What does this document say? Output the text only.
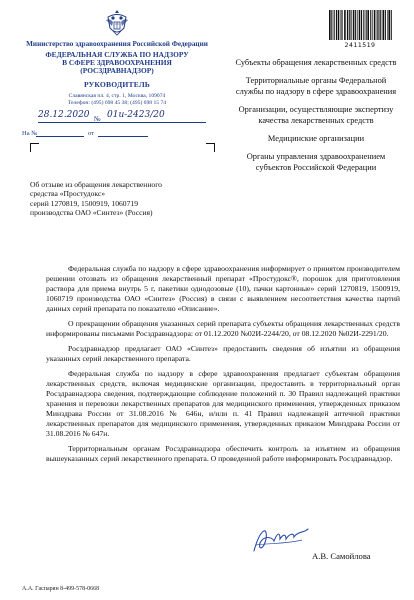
Министерство здравоохранения Российской Федерации
ФЕДЕРАЛЬНАЯ СЛУЖБА ПО НАДЗОРУ
В СФЕРЕ ЗДРАВООХРАНЕНИЯ
(РОСЗДРАВНАДЗОР)
РУКОВОДИТЕЛЬ
Славянская пл. 4, стр. 1, Москва, 109074
Телефон: (495) 698 45 38; (495) 698 15 74
28.12.2020 № 01и-2423/20
На №	от
2411519
Субъекты обращения лекарственных средств
Территориальные органы Федеральной службы по надзору в сфере здравоохранения
Организации, осуществляющие экспертизу качества лекарственных средств
Медицинские организации
Органы управления здравоохранением субъектов Российской Федерации
Об отзыве из обращения лекарственного
средства «Простудокс»
серий 1270819, 1500919, 1060719
производства ОАО «Синтез» (Россия)

Федеральная служба по надзору в сфере здравоохранения информирует о принятом производителем решении отозвать из обращения лекарственный препарат «Простудокс®, порошок для приготовления раствора для приема внутрь 5 г, пакетики однодозовые (10), пачки картонные» серий 1270819, 1500919, 1060719 производства ОАО «Синтез» (Россия) в связи с выявлением несоответствия качества партий данных серий препарата по показателю «Описание».

О прекращении обращения указанных серий препарата субъекты обращения лекарственных средств информированы письмами Росздравнадзора: от 01.12.2020 №02И-2244/20, от 08.12.2020 №02И-2291/20.

Росздравнадзор предлагает ОАО «Синтез» предоставить сведения об изъятии из обращения указанных серий лекарственного препарата.

Федеральная служба по надзору в сфере здравоохранения предлагает субъектам обращения лекарственных средств, включая медицинские организации, предоставить в территориальный орган Росздравнадзора сведения, подтверждающие соблюдение положений п. 30 Правил надлежащей практики хранения и перевозки лекарственных препаратов для медицинского применения, утвержденных приказом Минздрава России от 31.08.2016 № 646н, и/или п. 41 Правил надлежащей аптечной практики лекарственных препаратов для медицинского применения, утвержденных приказом Минздрава России от 31.08.2016 № 647н.

Территориальным органам Росздравнадзора обеспечить контроль за изъятием из обращения вышеуказанных серий лекарственного препарата. О проведенной работе информировать Росздравнадзор.

А.В. Самойлова
А.А. Гаспарян 8-499-578-0668
